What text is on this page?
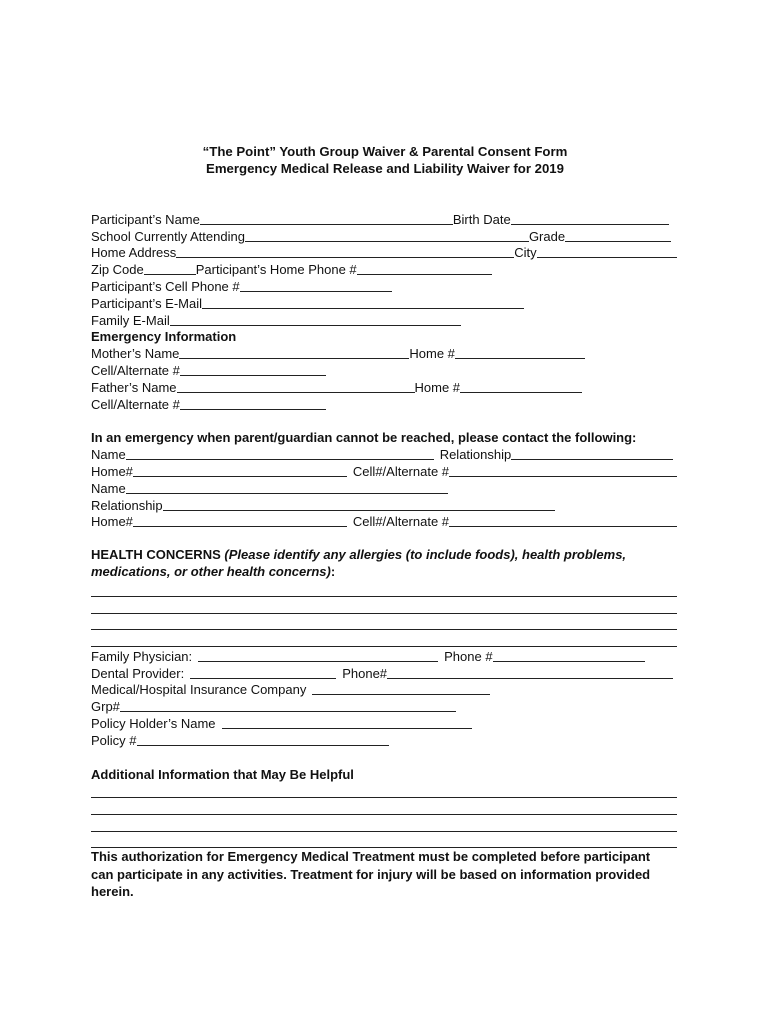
“The Point” Youth Group Waiver & Parental Consent Form
Emergency Medical Release and Liability Waiver for 2019
Participant’s Name	Birth Date
School Currently Attending	Grade
Home Address	City
Zip Code	Participant’s Home Phone #
Participant’s Cell Phone #
Participant’s E-Mail
Family E-Mail
Emergency Information
Mother’s Name	Home #
Cell/Alternate #
Father’s Name	Home #
Cell/Alternate #
In an emergency when parent/guardian cannot be reached, please contact the following:
Name	Relationship
Home#	Cell#/Alternate #
Name
Relationship
Home#	Cell#/Alternate #
HEALTH CONCERNS (Please identify any allergies (to include foods), health problems, medications, or other health concerns):
Family Physician:	Phone #
Dental Provider:	Phone#
Medical/Hospital Insurance Company
Grp#
Policy Holder’s Name
Policy #
Additional Information that May Be Helpful
This authorization for Emergency Medical Treatment must be completed before participant can participate in any activities. Treatment for injury will be based on information provided herein.
